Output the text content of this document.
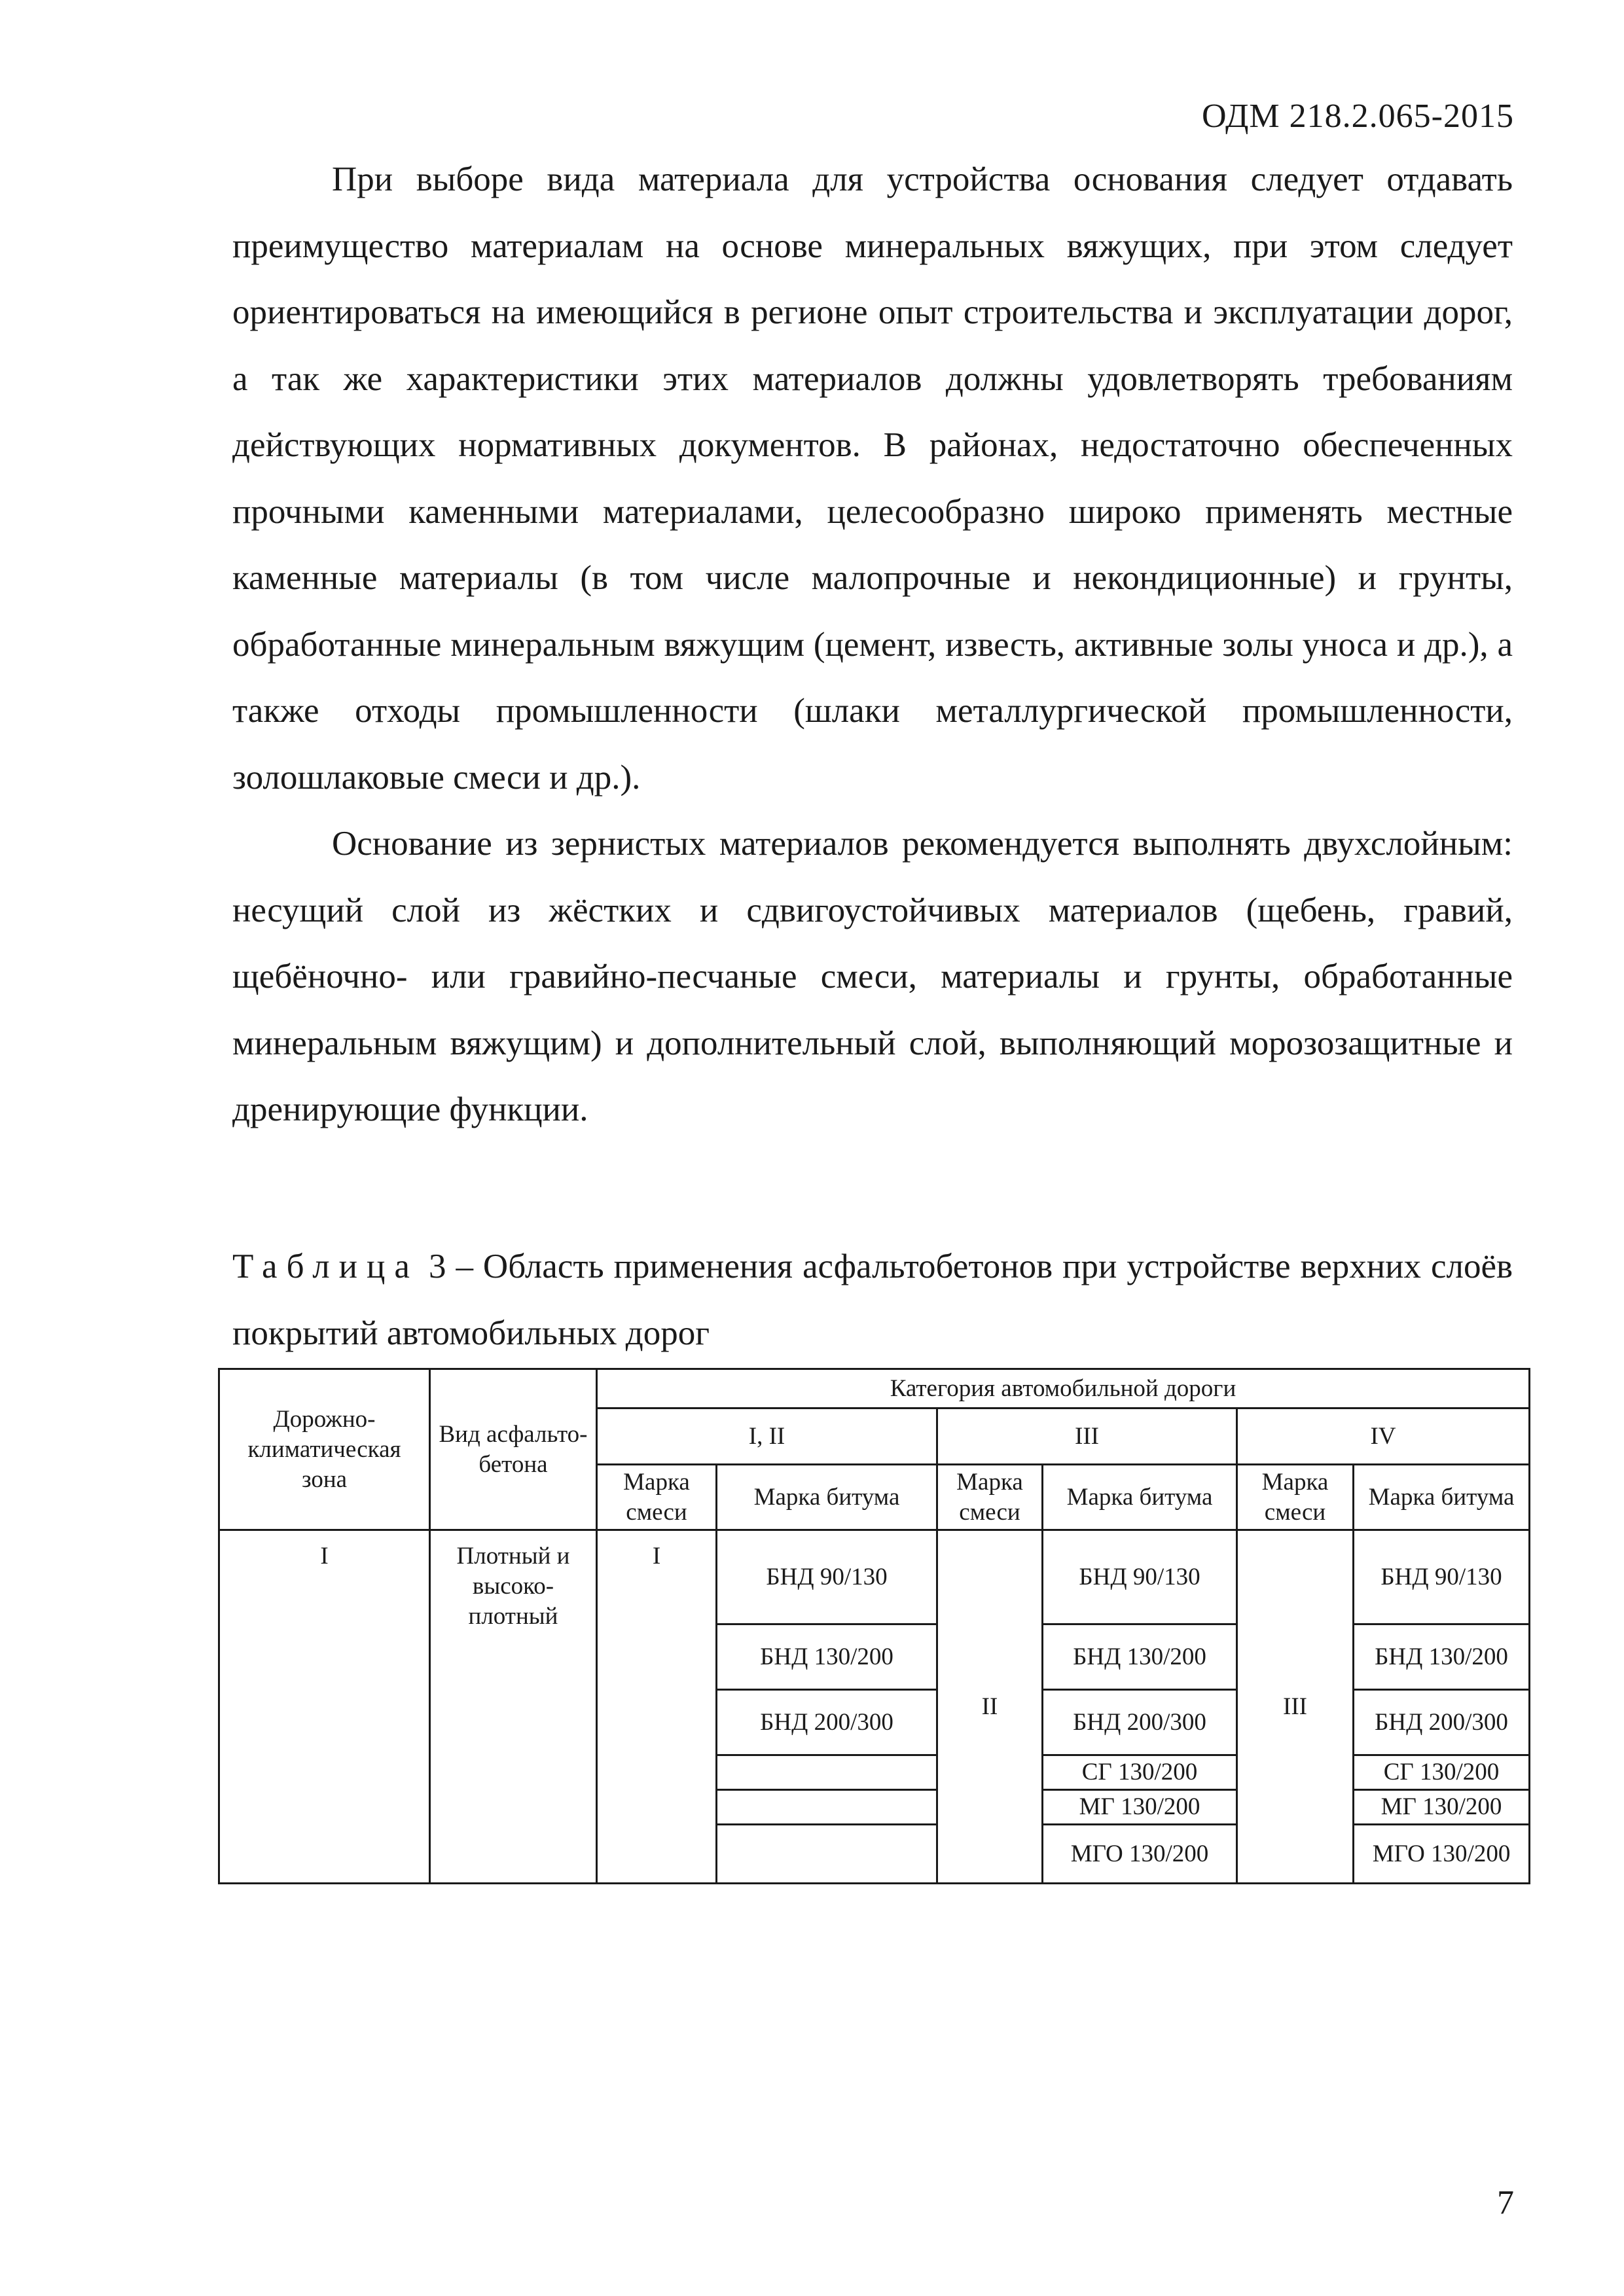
ОДМ 218.2.065-2015

При выборе вида материала для устройства основания следует отдавать преимущество материалам на основе минеральных вяжущих, при этом следует ориентироваться на имеющийся в регионе опыт строительства и эксплуатации дорог, а так же характеристики этих материалов должны удовлетворять требованиям действующих нормативных документов. В районах, недостаточно обеспеченных прочными каменными материалами, целесообразно широко применять местные каменные материалы (в том числе малопрочные и некондиционные) и грунты, обработанные минеральным вяжущим (цемент, известь, активные золы уноса и др.), а также отходы промышленности (шлаки металлургической промышленности, золошлаковые смеси и др.).

Основание из зернистых материалов рекомендуется выполнять двухслойным: несущий слой из жёстких и сдвигоустойчивых материалов (щебень, гравий, щебёночно- или гравийно-песчаные смеси, материалы и грунты, обработанные минеральным вяжущим) и дополнительный слой, выполняющий морозозащитные и дренирующие функции.

Таблица 3 – Область применения асфальтобетонов при устройстве верхних слоёв покрытий автомобильных дорог
Дорожно-климатическая зона	Вид асфальто-бетона	Категория автомобильной дороги					
		I, II		III		IV	
		Марка смеси	Марка битума	Марка смеси	Марка битума	Марка смеси	Марка битума
I	Плотный и высоко-плотный	I	БНД 90/130	II	БНД 90/130	III	БНД 90/130
			БНД 130/200		БНД 130/200		БНД 130/200
			БНД 200/300		БНД 200/300		БНД 200/300
					СГ 130/200		СГ 130/200
					МГ 130/200		МГ 130/200
					МГО 130/200		МГО 130/200
7
